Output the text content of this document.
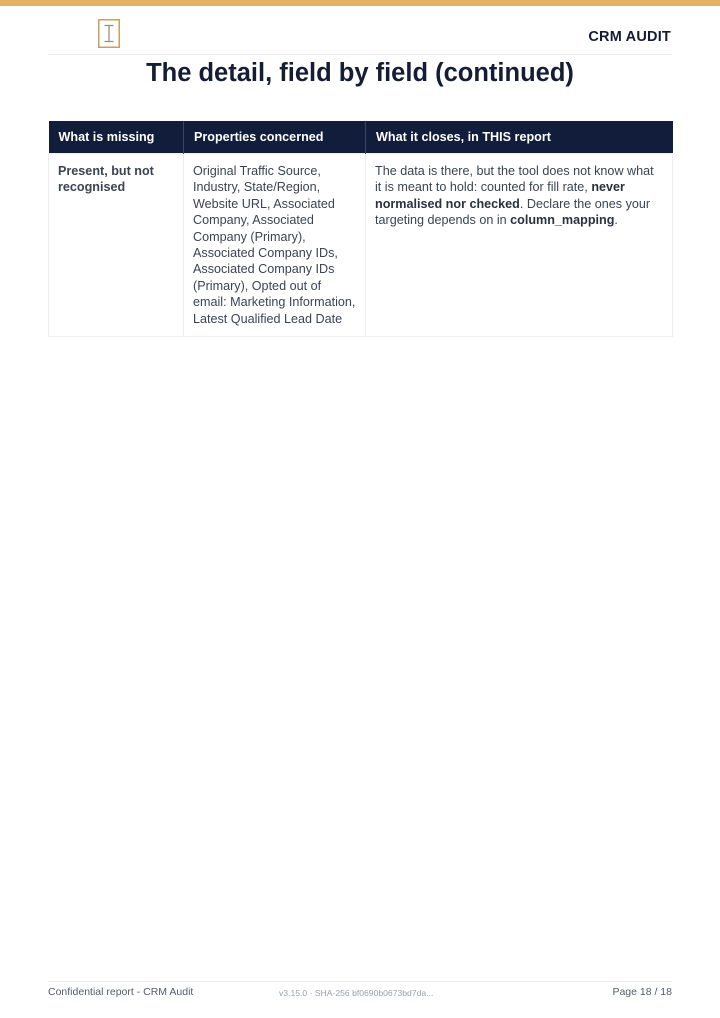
CRM AUDIT
The detail, field by field (continued)
What is missing	Properties concerned	What it closes, in THIS report
Present, but not recognised	Original Traffic Source, Industry, State/Region, Website URL, Associated Company, Associated Company (Primary), Associated Company IDs, Associated Company IDs (Primary), Opted out of email: Marketing Information, Latest Qualified Lead Date	The data is there, but the tool does not know what it is meant to hold: counted for fill rate, never normalised nor checked. Declare the ones your targeting depends on in column_mapping.
Confidential report - CRM Audit	v3.15.0 · SHA-256 bf0690b0673bd7da...	Page 18 / 18
